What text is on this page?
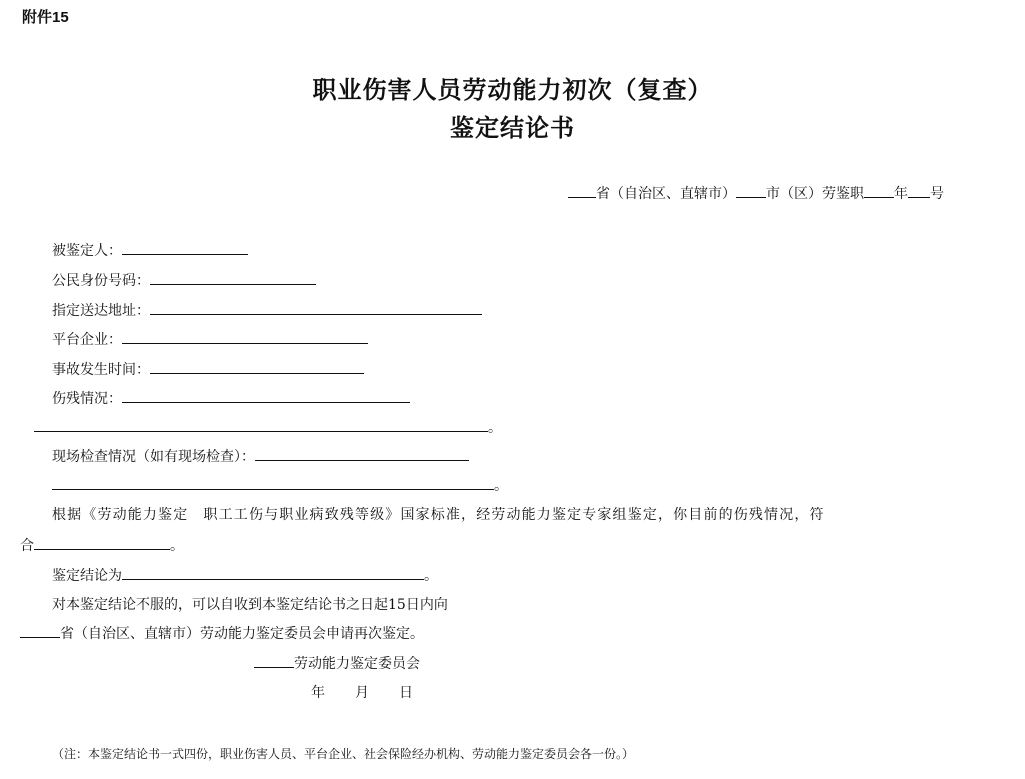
附件15
职业伤害人员劳动能力初次（复查）
鉴定结论书
省（自治区、直辖市） 市（区）劳鉴职 年 号
被鉴定人：
公民身份号码：
指定送达地址：
平台企业：
事故发生时间：
伤残情况：
。
现场检查情况（如有现场检查）：
。
根据《劳动能力鉴定　职工工伤与职业病致残等级》国家标准，经劳动能力鉴定专家组鉴定，你目前的伤残情况，符
合	。
鉴定结论为	。
对本鉴定结论不服的，可以自收到本鉴定结论书之日起15日内向
省（自治区、直辖市）劳动能力鉴定委员会申请再次鉴定。
劳动能力鉴定委员会
年 月 日
（注：本鉴定结论书一式四份，职业伤害人员、平台企业、社会保险经办机构、劳动能力鉴定委员会各一份。）
